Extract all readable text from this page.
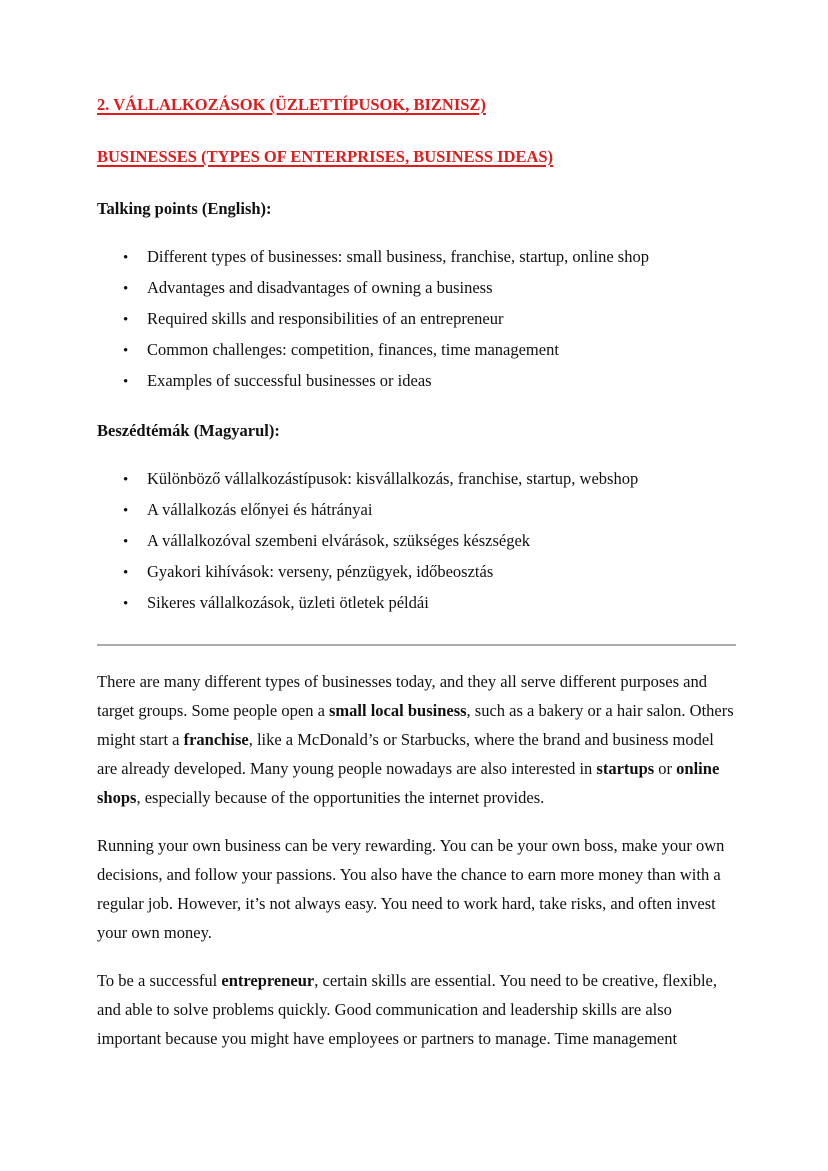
2. VÁLLALKOZÁSOK (ÜZLETTÍPUSOK, BIZNISZ)
BUSINESSES (TYPES OF ENTERPRISES, BUSINESS IDEAS)
Talking points (English):
• Different types of businesses: small business, franchise, startup, online shop
• Advantages and disadvantages of owning a business
• Required skills and responsibilities of an entrepreneur
• Common challenges: competition, finances, time management
• Examples of successful businesses or ideas
Beszédtémák (Magyarul):
• Különböző vállalkozástípusok: kisvállalkozás, franchise, startup, webshop
• A vállalkozás előnyei és hátrányai
• A vállalkozóval szembeni elvárások, szükséges készségek
• Gyakori kihívások: verseny, pénzügyek, időbeosztás
• Sikeres vállalkozások, üzleti ötletek példái

There are many different types of businesses today, and they all serve different purposes and target groups. Some people open a small local business, such as a bakery or a hair salon. Others might start a franchise, like a McDonald’s or Starbucks, where the brand and business model are already developed. Many young people nowadays are also interested in startups or online shops, especially because of the opportunities the internet provides.

Running your own business can be very rewarding. You can be your own boss, make your own decisions, and follow your passions. You also have the chance to earn more money than with a regular job. However, it’s not always easy. You need to work hard, take risks, and often invest your own money.

To be a successful entrepreneur, certain skills are essential. You need to be creative, flexible, and able to solve problems quickly. Good communication and leadership skills are also important because you might have employees or partners to manage. Time management
